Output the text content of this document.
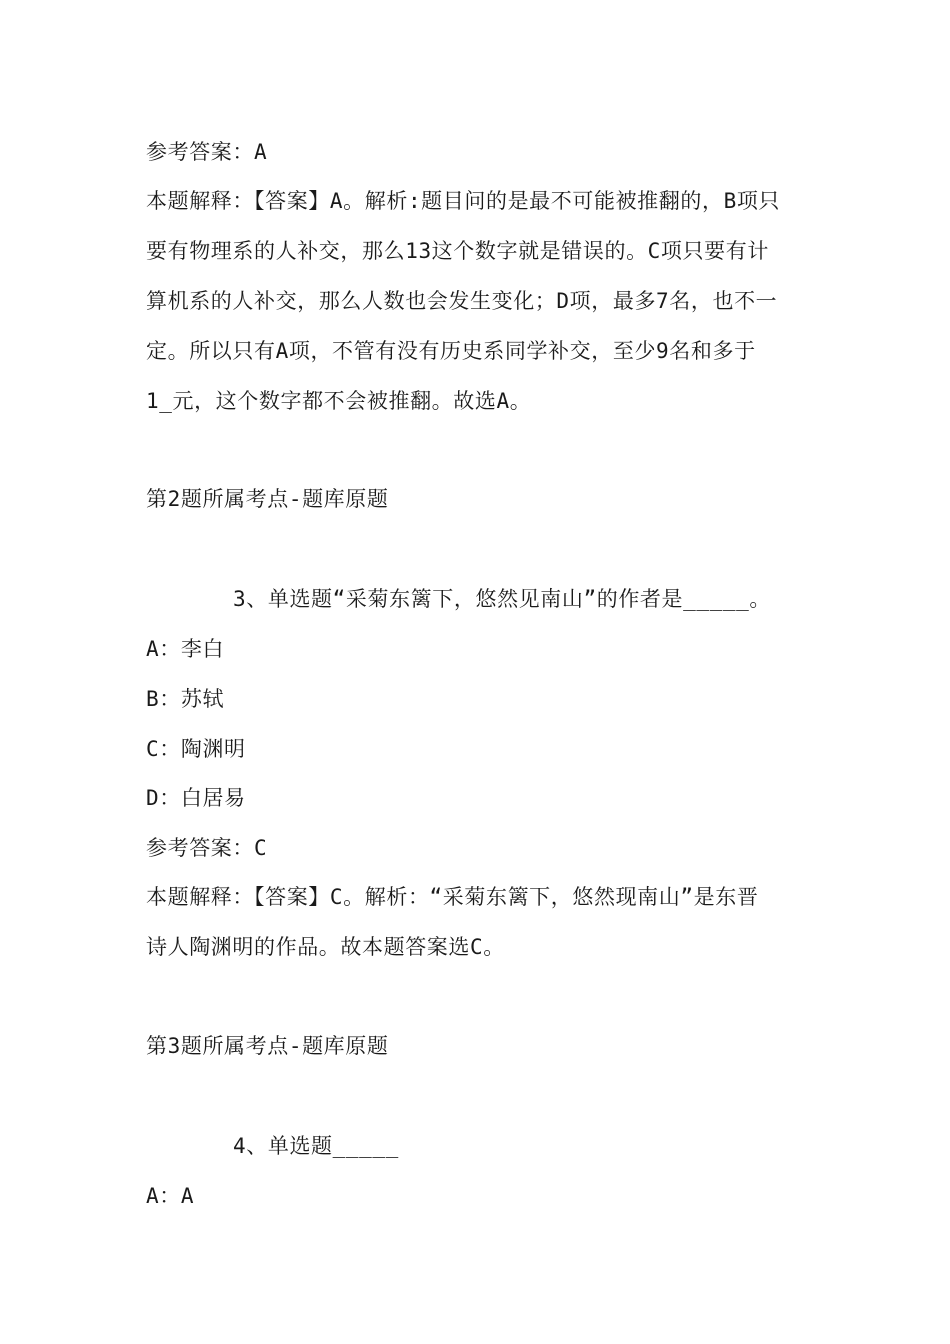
参考答案：A
本题解释：【答案】A。解析:题目问的是最不可能被推翻的，B项只
要有物理系的人补交，那么13这个数字就是错误的。C项只要有计
算机系的人补交，那么人数也会发生变化；D项，最多7名，也不一
定。所以只有A项，不管有没有历史系同学补交，至少9名和多于
1_元，这个数字都不会被推翻。故选A。
第2题所属考点-题库原题
3、单选题“采菊东篱下，悠然见南山”的作者是_____。
A：李白
B：苏轼
C：陶渊明
D：白居易
参考答案：C
本题解释：【答案】C。解析：“采菊东篱下，悠然现南山”是东晋
诗人陶渊明的作品。故本题答案选C。
第3题所属考点-题库原题
4、单选题_____
A：A
